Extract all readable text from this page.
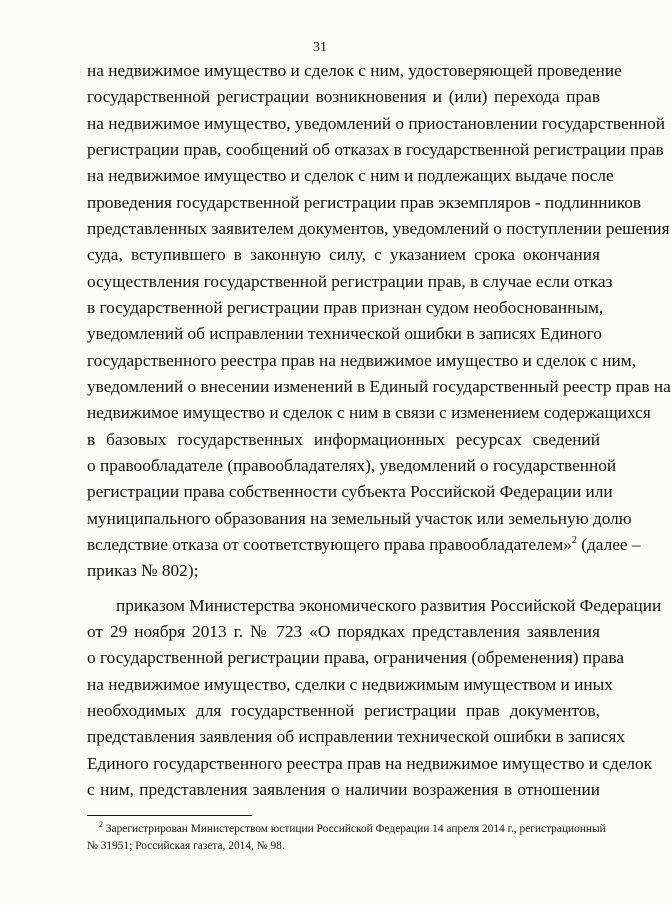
31
на недвижимое имущество и сделок с ним, удостоверяющей проведение
государственной регистрации возникновения и (или) перехода прав
на недвижимое имущество, уведомлений о приостановлении государственной
регистрации прав, сообщений об отказах в государственной регистрации прав
на недвижимое имущество и сделок с ним и подлежащих выдаче после
проведения государственной регистрации прав экземпляров - подлинников
представленных заявителем документов, уведомлений о поступлении решения
суда, вступившего в законную силу, с указанием срока окончания
осуществления государственной регистрации прав, в случае если отказ
в государственной регистрации прав признан судом необоснованным,
уведомлений об исправлении технической ошибки в записях Единого
государственного реестра прав на недвижимое имущество и сделок с ним,
уведомлений о внесении изменений в Единый государственный реестр прав на
недвижимое имущество и сделок с ним в связи с изменением содержащихся
в базовых государственных информационных ресурсах сведений
о правообладателе (правообладателях), уведомлений о государственной
регистрации права собственности субъекта Российской Федерации или
муниципального образования на земельный участок или земельную долю
вследствие отказа от соответствующего права правообладателем»$^2$ (далее –
приказ № 802);
приказом Министерства экономического развития Российской Федерации
от 29 ноября 2013 г. № 723 «О порядках представления заявления
о государственной регистрации права, ограничения (обременения) права
на недвижимое имущество, сделки с недвижимым имуществом и иных
необходимых для государственной регистрации прав документов,
представления заявления об исправлении технической ошибки в записях
Единого государственного реестра прав на недвижимое имущество и сделок
с ним, представления заявления о наличии возражения в отношении
$^2$ Зарегистрирован Министерством юстиции Российской Федерации 14 апреля 2014 г., регистрационный
№ 31951; Российская газета, 2014, № 98.
